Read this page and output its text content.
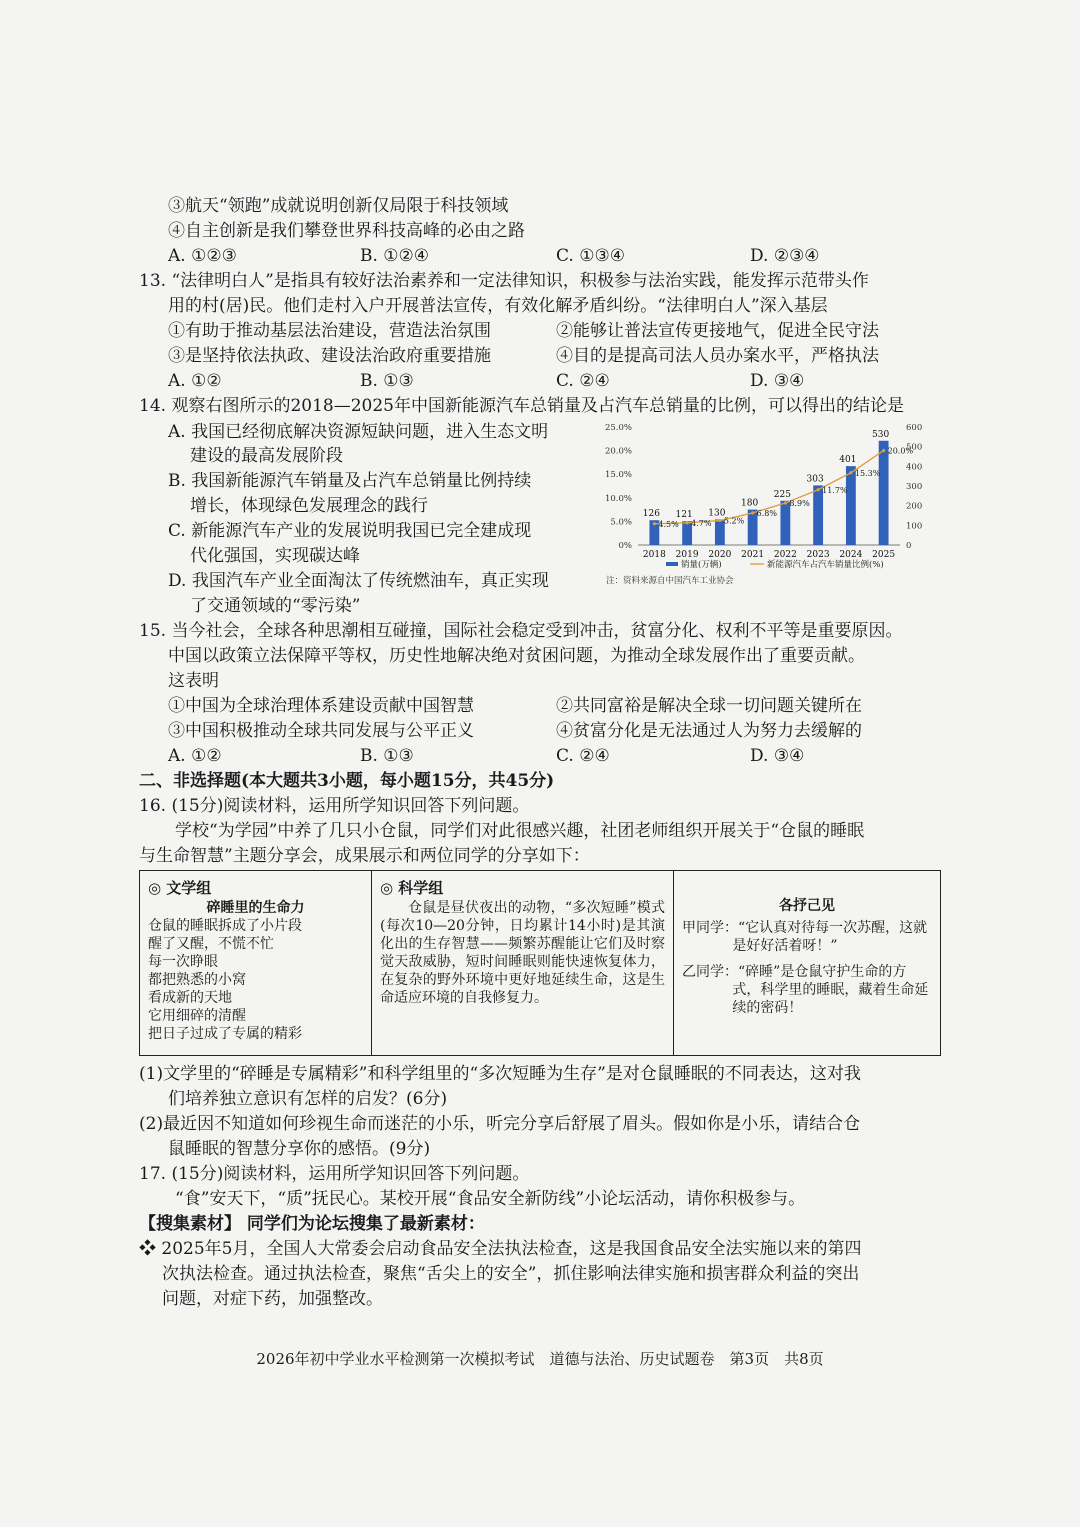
③航天“领跑”成就说明创新仅局限于科技领域
④自主创新是我们攀登世界科技高峰的必由之路
A. ①②③	B. ①②④	C. ①③④	D. ②③④
13. “法律明白人”是指具有较好法治素养和一定法律知识，积极参与法治实践，能发挥示范带头作
用的村(居)民。他们走村入户开展普法宣传，有效化解矛盾纠纷。“法律明白人”深入基层
①有助于推动基层法治建设，营造法治氛围	②能够让普法宣传更接地气，促进全民守法
③是坚持依法执政、建设法治政府重要措施	④目的是提高司法人员办案水平，严格执法
A. ①②	B. ①③	C. ②④	D. ③④
14. 观察右图所示的2018—2025年中国新能源汽车总销量及占汽车总销量的比例，可以得出的结论是
A. 我国已经彻底解决资源短缺问题，进入生态文明
建设的最高发展阶段
B. 我国新能源汽车销量及占汽车总销量比例持续
增长，体现绿色发展理念的践行
C. 新能源汽车产业的发展说明我国已完全建成现
代化强国，实现碳达峰
D. 我国汽车产业全面淘汰了传统燃油车，真正实现
了交通领域的“零污染”
25.0%
20.0%
15.0%
10.0%
5.0%
0%
600
500
400
300
200
100
0
126
2018
121
2019
130
2020
180
2021
225
2022
303
2023
401
2024
530
2025
4.5% 4.7% 5.2%
6.8%
8.9%
11.7%
15.3%
20.0%
销量(万辆)	新能源汽车占汽车销量比例(%)
注：资料来源自中国汽车工业协会
15. 当今社会，全球各种思潮相互碰撞，国际社会稳定受到冲击，贫富分化、权利不平等是重要原因。
中国以政策立法保障平等权，历史性地解决绝对贫困问题，为推动全球发展作出了重要贡献。
这表明
①中国为全球治理体系建设贡献中国智慧	②共同富裕是解决全球一切问题关键所在
③中国积极推动全球共同发展与公平正义	④贫富分化是无法通过人为努力去缓解的
A. ①②	B. ①③	C. ②④	D. ③④
二、非选择题(本大题共3小题，每小题15分，共45分)
16. (15分)阅读材料，运用所学知识回答下列问题。
学校“为学园”中养了几只小仓鼠，同学们对此很感兴趣，社团老师组织开展关于“仓鼠的睡眠
与生命智慧”主题分享会，成果展示和两位同学的分享如下：
◎ 文学组
碎睡里的生命力
仓鼠的睡眠拆成了小片段
醒了又醒，不慌不忙
每一次睁眼
都把熟悉的小窝
看成新的天地
它用细碎的清醒
把日子过成了专属的精彩
◎ 科学组
仓鼠是昼伏夜出的动物，“多次短睡”模式(每次10—20分钟，日均累计14小时)是其演化出的生存智慧——频繁苏醒能让它们及时察觉天敌威胁，短时间睡眠则能快速恢复体力，在复杂的野外环境中更好地延续生命，这是生命适应环境的自我修复力。
各抒己见
甲同学：“它认真对待每一次苏醒，这就是好好活着呀！”
乙同学：“碎睡”是仓鼠守护生命的方式，科学里的睡眠，藏着生命延续的密码！
(1)文学里的“碎睡是专属精彩”和科学组里的“多次短睡为生存”是对仓鼠睡眠的不同表达，这对我
们培养独立意识有怎样的启发？(6分)
(2)最近因不知道如何珍视生命而迷茫的小乐，听完分享后舒展了眉头。假如你是小乐，请结合仓
鼠睡眠的智慧分享你的感悟。(9分)
17. (15分)阅读材料，运用所学知识回答下列问题。
“食”安天下，“质”抚民心。某校开展“食品安全新防线”小论坛活动，请你积极参与。
【搜集素材】 同学们为论坛搜集了最新素材：
❖ 2025年5月，全国人大常委会启动食品安全法执法检查，这是我国食品安全法实施以来的第四
次执法检查。通过执法检查，聚焦“舌尖上的安全”，抓住影响法律实施和损害群众利益的突出
问题，对症下药，加强整改。
2026年初中学业水平检测第一次模拟考试　道德与法治、历史试题卷　第3页　共8页
